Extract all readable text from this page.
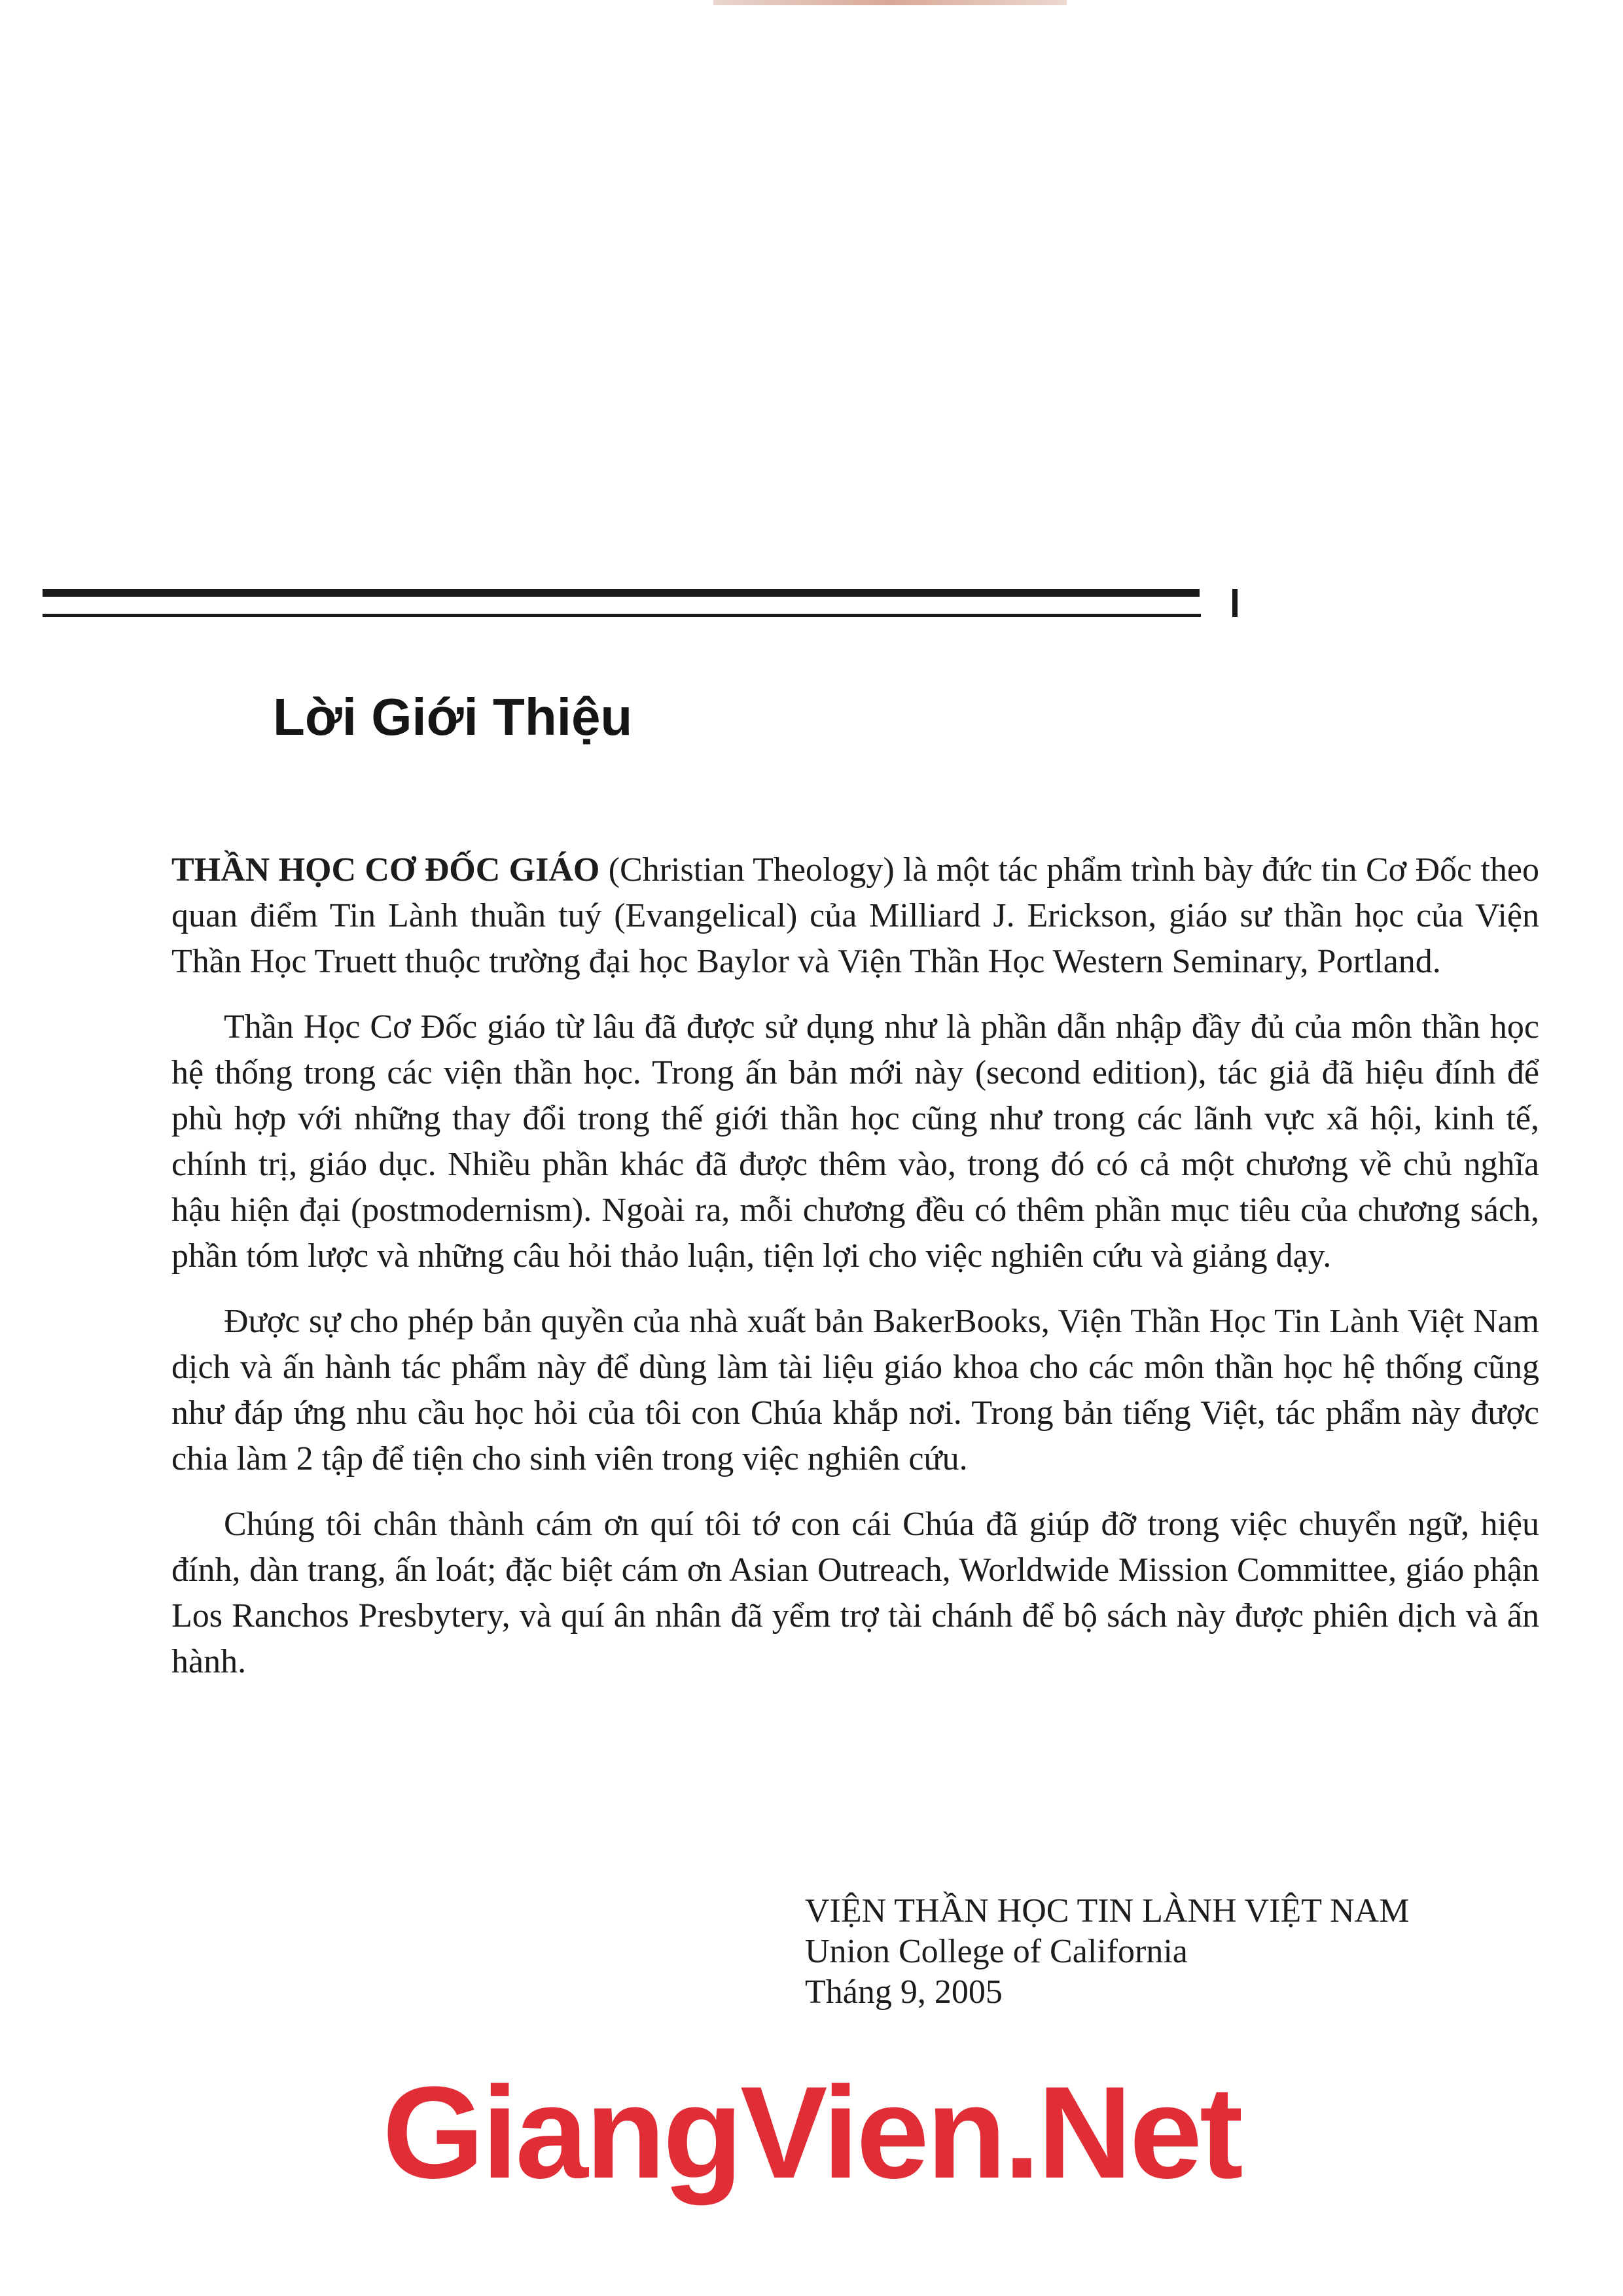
Lời Giới Thiệu

THẦN HỌC CƠ ĐỐC GIÁO (Christian Theology) là một tác phẩm trình bày đức tin Cơ Đốc theo quan điểm Tin Lành thuần tuý (Evangelical) của Milliard J. Erickson, giáo sư thần học của Viện Thần Học Truett thuộc trường đại học Baylor và Viện Thần Học Western Seminary, Portland.

Thần Học Cơ Đốc giáo từ lâu đã được sử dụng như là phần dẫn nhập đầy đủ của môn thần học hệ thống trong các viện thần học. Trong ấn bản mới này (second edition), tác giả đã hiệu đính để phù hợp với những thay đổi trong thế giới thần học cũng như trong các lãnh vực xã hội, kinh tế, chính trị, giáo dục. Nhiều phần khác đã được thêm vào, trong đó có cả một chương về chủ nghĩa hậu hiện đại (postmodernism). Ngoài ra, mỗi chương đều có thêm phần mục tiêu của chương sách, phần tóm lược và những câu hỏi thảo luận, tiện lợi cho việc nghiên cứu và giảng dạy.

Được sự cho phép bản quyền của nhà xuất bản BakerBooks, Viện Thần Học Tin Lành Việt Nam dịch và ấn hành tác phẩm này để dùng làm tài liệu giáo khoa cho các môn thần học hệ thống cũng như đáp ứng nhu cầu học hỏi của tôi con Chúa khắp nơi. Trong bản tiếng Việt, tác phẩm này được chia làm 2 tập để tiện cho sinh viên trong việc nghiên cứu.

Chúng tôi chân thành cám ơn quí tôi tớ con cái Chúa đã giúp đỡ trong việc chuyển ngữ, hiệu đính, dàn trang, ấn loát; đặc biệt cám ơn Asian Outreach, Worldwide Mission Committee, giáo phận Los Ranchos Presbytery, và quí ân nhân đã yểm trợ tài chánh để bộ sách này được phiên dịch và ấn hành.

VIỆN THẦN HỌC TIN LÀNH VIỆT NAM
Union College of California
Tháng 9, 2005
GiangVien.Net
